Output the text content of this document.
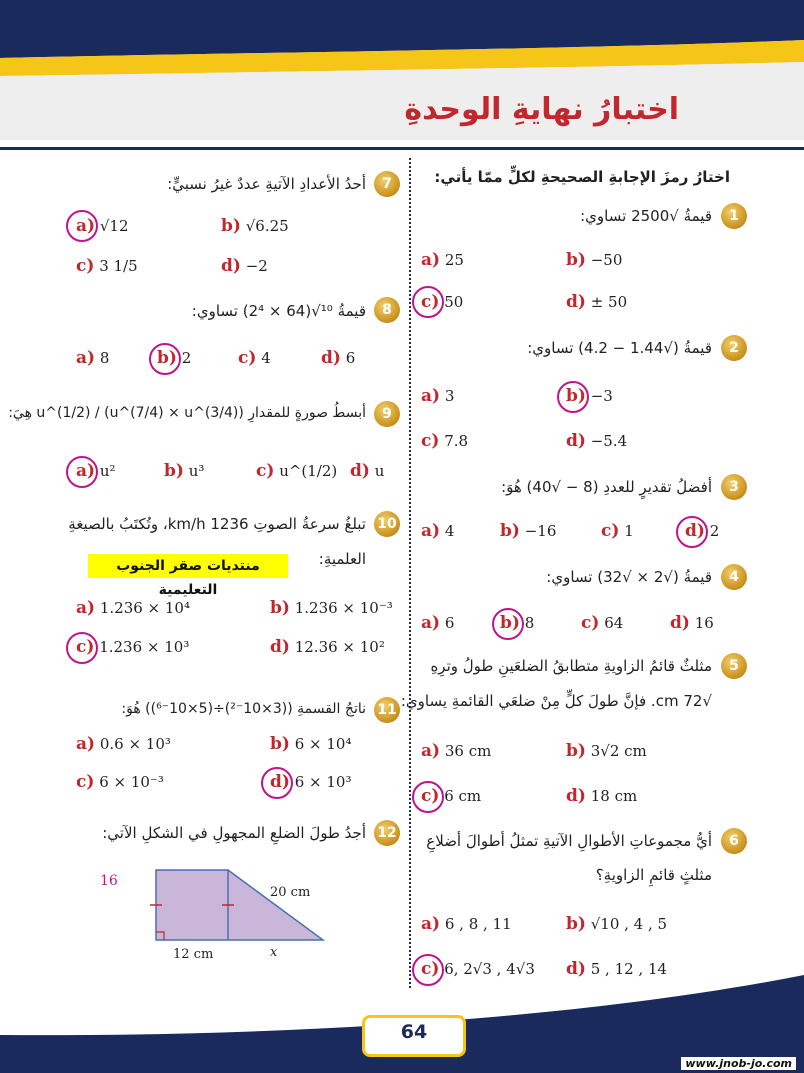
اختبارُ نهايةِ الوحدةِ
اختارُ رمزَ الإجابةِ الصحيحةِ لكلٍّ ممّا يأتي:
1
قيمةُ √2500 تساوي:
a) 25	b) −50
c) 50	d) ± 50
2
قيمةُ (√1.44 − 4.2) تساوي:
a) 3	b) −3
c) 7.8	d) −5.4
3
أفضلُ تقديرٍ للعددِ (8 − √40) هُوَ:
a) 4	b) −16	c) 1	d) 2
4
قيمةُ (√2 × √32) تساوي:
a) 6	b) 8	c) 64	d) 16
5
مثلثٌ قائمُ الزاويةِ متطابقُ الضلعَينِ طولُ وترِهِ
√72 cm. فإنَّ طولَ كلٍّ مِنْ ضلعَي القائمةِ يساوي:
a) 36 cm	b) 3√2 cm
c) 6 cm	d) 18 cm
6
أيُّ مجموعاتِ الأطوالِ الآتيةِ تمثلُ أطوالَ أضلاعِ
مثلثٍ قائمِ الزاويةِ؟
a) 6 , 8 , 11	b) √10 , 4 , 5
c) 6, 2√3 , 4√3 d) 5 , 12 , 14
7
أحدُ الأعدادِ الآتيةِ عددٌ غيرُ نسبيٍّ:
a) √12	b) √6.25
c) 3 1/5	d) −2
8
قيمةُ ¹⁰√(64 × 2⁴) تساوي:
a) 8	b) 2	c) 4	d) 6
9
أبسطُ صورةٍ للمقدارِ (u^(7/4) × u^(3/4)) / u^(1/2) هِيَ:
a) u²	b) u³	c) u^(1/2) d) u
10
تبلغُ سرعةُ الصوتِ 1236 km/h، وتُكتَبُ بالصيغةِ
العلميةِ:
منتديات صقر الجنوب التعليمية
a) 1.236 × 10⁴	b) 1.236 × 10⁻³
c) 1.236 × 10³	d) 12.36 × 10²
11
ناتجُ القسمةِ ((3×10⁻²)÷(5×10⁻⁶)) هُوَ:
a) 0.6 × 10³	b) 6 × 10⁴
c) 6 × 10⁻³	d) 6 × 10³
12
أجدُ طولَ الضلعِ المجهولِ في الشكلِ الآتي:
16
20 cm
12 cm	x
64
www.jnob-jo.com
